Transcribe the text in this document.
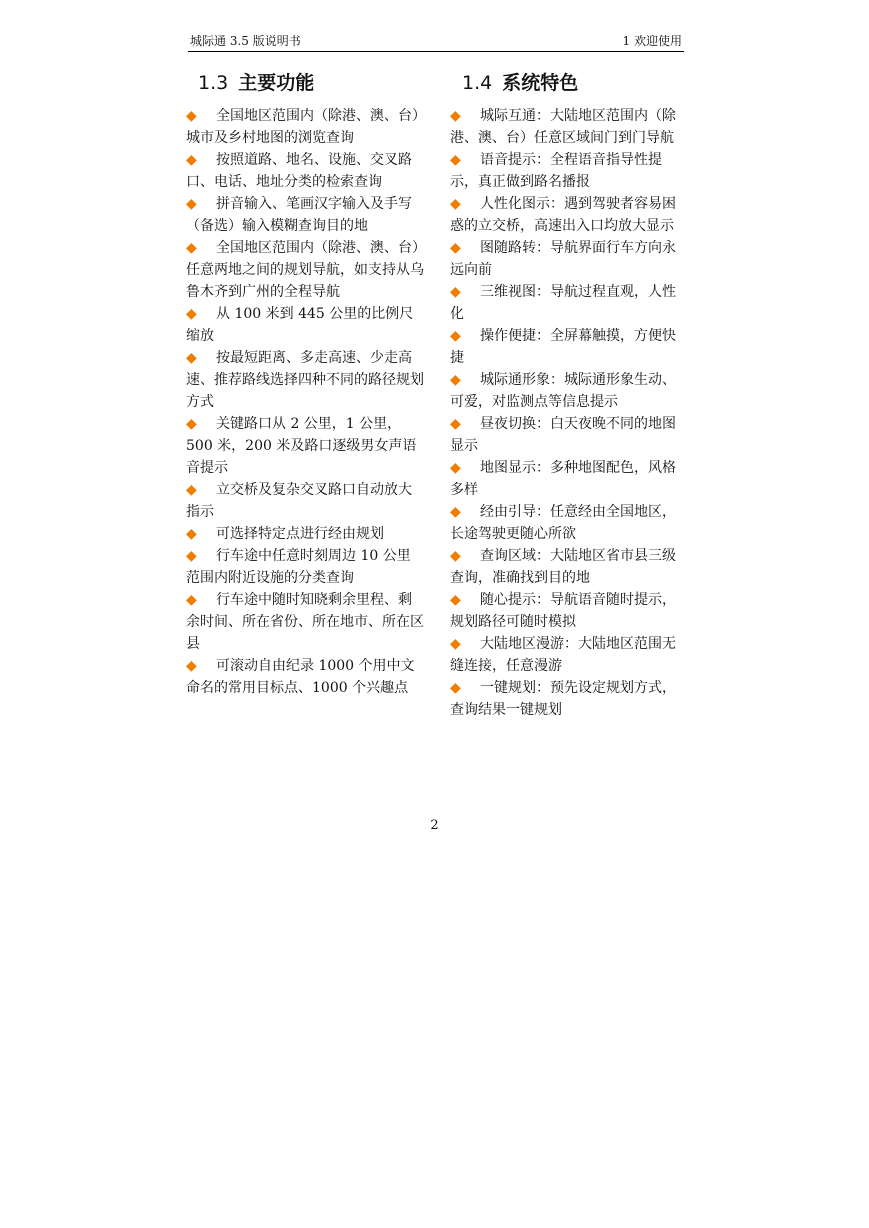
城际通 3.5 版说明书	1 欢迎使用
1.3 主要功能
◆ 全国地区范围内（除港、澳、台）城市及乡村地图的浏览查询
◆ 按照道路、地名、设施、交叉路口、电话、地址分类的检索查询
◆ 拼音输入、笔画汉字输入及手写（备选）输入模糊查询目的地
◆ 全国地区范围内（除港、澳、台）任意两地之间的规划导航，如支持从乌鲁木齐到广州的全程导航
◆ 从 100 米到 445 公里的比例尺缩放
◆ 按最短距离、多走高速、少走高速、推荐路线选择四种不同的路径规划方式
◆ 关键路口从 2 公里，1 公里，500 米，200 米及路口逐级男女声语音提示
◆ 立交桥及复杂交叉路口自动放大指示
◆ 可选择特定点进行经由规划
◆ 行车途中任意时刻周边 10 公里范围内附近设施的分类查询
◆ 行车途中随时知晓剩余里程、剩余时间、所在省份、所在地市、所在区县
◆ 可滚动自由纪录 1000 个用中文命名的常用目标点、1000 个兴趣点
1.4 系统特色
◆ 城际互通：大陆地区范围内（除港、澳、台）任意区域间门到门导航
◆ 语音提示：全程语音指导性提示，真正做到路名播报
◆ 人性化图示：遇到驾驶者容易困惑的立交桥，高速出入口均放大显示
◆ 图随路转：导航界面行车方向永远向前
◆ 三维视图：导航过程直观，人性化
◆ 操作便捷：全屏幕触摸，方便快捷
◆ 城际通形象：城际通形象生动、可爱，对监测点等信息提示
◆ 昼夜切换：白天夜晚不同的地图显示
◆ 地图显示：多种地图配色，风格多样
◆ 经由引导：任意经由全国地区，长途驾驶更随心所欲
◆ 查询区域：大陆地区省市县三级查询，准确找到目的地
◆ 随心提示：导航语音随时提示，规划路径可随时模拟
◆ 大陆地区漫游：大陆地区范围无缝连接，任意漫游
◆ 一键规划：预先设定规划方式，查询结果一键规划
2
